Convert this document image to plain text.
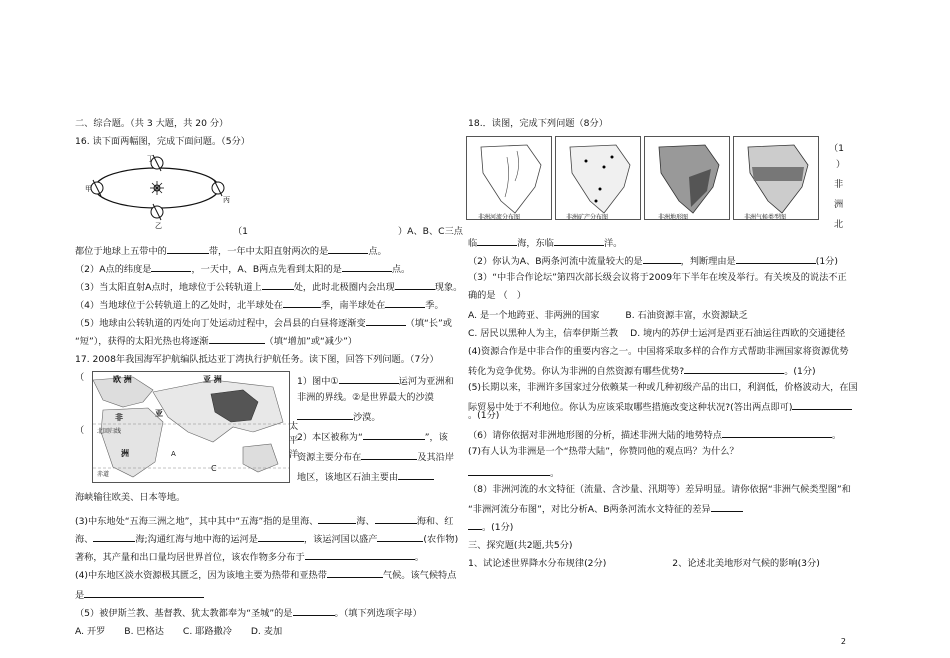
二、综合题。（共 3 大题，共 20 分）
16. 读下面两幅图，完成下面问题。（5分）
丁
甲
丙
乙	（1	）A、B、C三点
都位于地球上五带中的	带，一年中太阳直射两次的是	点。
（2）A点的纬度是	，一天中，A、B两点先看到太阳的是	点。
（3）当太阳直射A点时，地球位于公转轨道上	处，此时北极圈内会出现	现象。
（4）当地球位于公转轨道上的乙处时，北半球处在	季，南半球处在	季。
（5）地球由公转轨道的丙处向丁处运动过程中，会昌县的白昼将逐渐变	（填“长”或
“短”），获得的太阳光热也将逐渐	（填“增加”或“减少”）
17. 2008年我国海军护航编队抵达亚丁湾执行护航任务。读下图，回答下列问题。（7分）
（
（
欧 洲	亚 洲
非	亚
洲
北回归线
赤道
A
C
太
平
洋
1）图中①	运河为亚洲和
非洲的界线。②是世界最大的沙漠
沙漠。
2）本区被称为“	”，该
资源主要分布在	及其沿岸
地区，该地区石油主要由
海峡输往欧美、日本等地。
(3)中东地处“五海三洲之地”，其中其中“五海”指的是里海、	海、	海和、红
海、	海;沟通红海与地中海的运河是	，该运河国以盛产	(农作物)
著称，其产量和出口量均居世界首位，该农作物多分布于	。
(4)中东地区淡水资源极其匮乏，因为该地主要为热带和亚热带	气候。该气候特点
是
（5）被伊斯兰教、基督教、犹太教都奉为“圣城”的是	。（填下列选项字母）
A. 开罗 B. 巴格达 C. 耶路撒冷 D. 麦加
18.．读图，完成下列问题（8分）
非洲河流分布图	非洲矿产分布图	非洲地形图	非洲气候类型图
（1
）
非
洲
北
临	海，东临	洋。
（2）你认为A、B两条河流中流量较大的是	，判断理由是	(1分)
（3）“中非合作论坛”第四次部长级会议将于2009年下半年在埃及举行。有关埃及的说法不正
确的是 （　）
A. 是一个地跨亚、非两洲的国家	B. 石油资源丰富，水资源缺乏
C. 居民以黑种人为主，信奉伊斯兰教　 D. 境内的苏伊士运河是西亚石油运往西欧的交通捷径
(4)资源合作是中非合作的重要内容之一。中国将采取多样的合作方式帮助非洲国家将资源优势
转化为竞争优势。你认为非洲的自然资源有哪些优势?	。(1分)
(5)长期以来，非洲许多国家过分依赖某一种或几种初级产品的出口，利润低，价格波动大，在国
际贸易中处于不利地位。你认为应该采取哪些措施改变这种状况?(答出两点即可)
。(1分)
（6）请你依据对非洲地形图的分析，描述非洲大陆的地势特点	。
(7)有人认为非洲是一个“热带大陆”，你赞同他的观点吗？为什么？
。
（8）非洲河流的水文特征（流量、含沙量、汛期等）差异明显。请你依据“非洲气候类型图”和
“非洲河流分布图”，对比分析A、B两条河流水文特征的差异
。(1分)
三、探究题(共2题,共5分)
1、试论述世界降水分布规律(2分)	2、论述北美地形对气候的影响(3分)
2
